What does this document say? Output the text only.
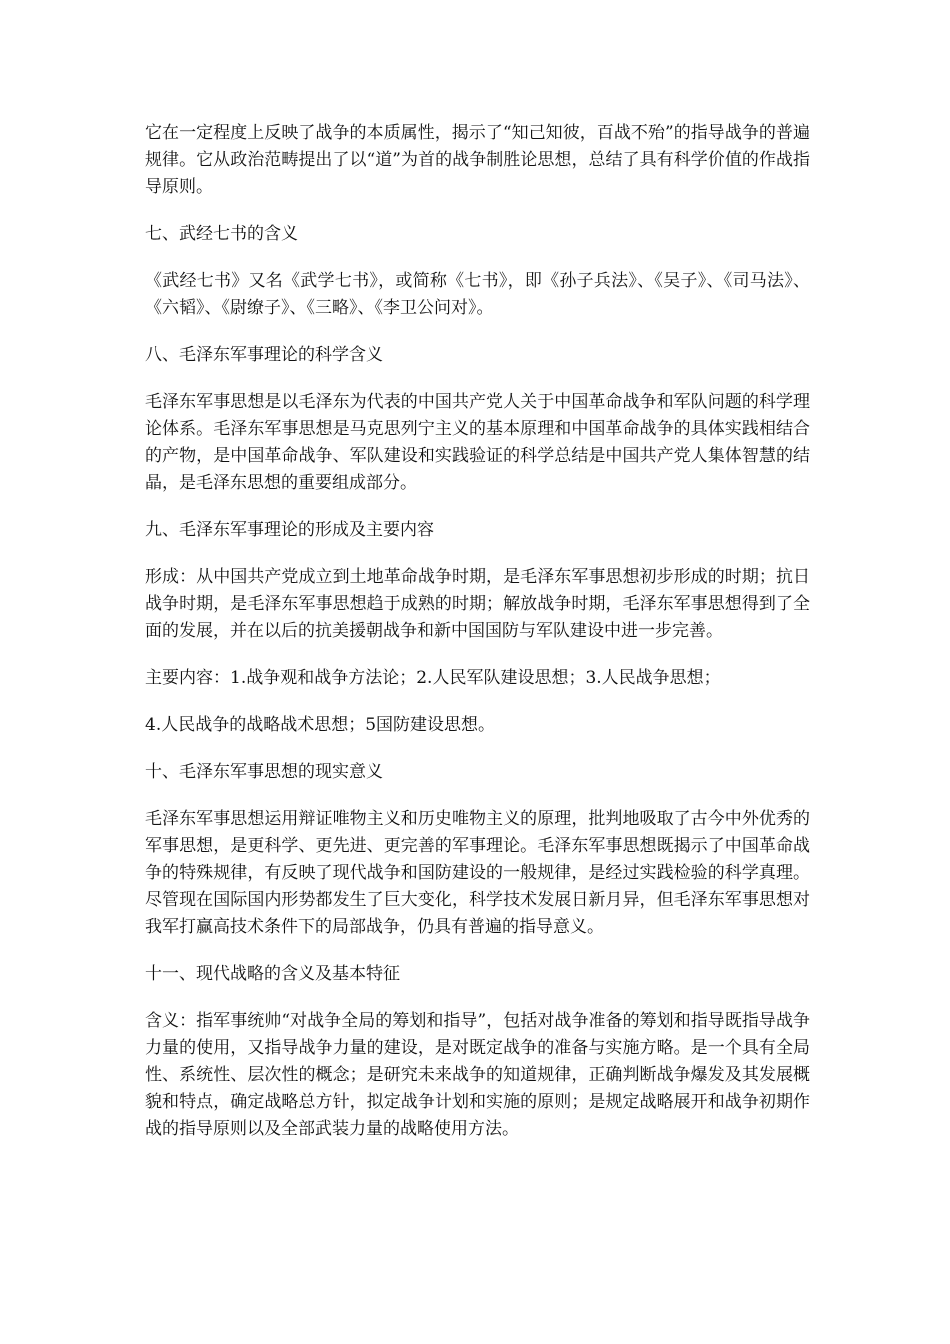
它在一定程度上反映了战争的本质属性，揭示了“知己知彼，百战不殆”的指导战争的普遍规律。它从政治范畴提出了以“道”为首的战争制胜论思想，总结了具有科学价值的作战指导原则。

七、武经七书的含义

《武经七书》又名《武学七书》，或简称《七书》，即《孙子兵法》、《吴子》、《司马法》、《六韬》、《尉缭子》、《三略》、《李卫公问对》。

八、毛泽东军事理论的科学含义

毛泽东军事思想是以毛泽东为代表的中国共产党人关于中国革命战争和军队问题的科学理论体系。毛泽东军事思想是马克思列宁主义的基本原理和中国革命战争的具体实践相结合的产物，是中国革命战争、军队建设和实践验证的科学总结是中国共产党人集体智慧的结晶，是毛泽东思想的重要组成部分。

九、毛泽东军事理论的形成及主要内容

形成：从中国共产党成立到土地革命战争时期，是毛泽东军事思想初步形成的时期；抗日战争时期，是毛泽东军事思想趋于成熟的时期；解放战争时期，毛泽东军事思想得到了全面的发展，并在以后的抗美援朝战争和新中国国防与军队建设中进一步完善。

主要内容：1.战争观和战争方法论；2.人民军队建设思想；3.人民战争思想；

4.人民战争的战略战术思想；5国防建设思想。

十、毛泽东军事思想的现实意义

毛泽东军事思想运用辩证唯物主义和历史唯物主义的原理，批判地吸取了古今中外优秀的军事思想，是更科学、更先进、更完善的军事理论。毛泽东军事思想既揭示了中国革命战争的特殊规律，有反映了现代战争和国防建设的一般规律，是经过实践检验的科学真理。尽管现在国际国内形势都发生了巨大变化，科学技术发展日新月异，但毛泽东军事思想对我军打赢高技术条件下的局部战争，仍具有普遍的指导意义。

十一、现代战略的含义及基本特征

含义：指军事统帅“对战争全局的筹划和指导”，包括对战争准备的筹划和指导既指导战争力量的使用，又指导战争力量的建设，是对既定战争的准备与实施方略。是一个具有全局性、系统性、层次性的概念；是研究未来战争的知道规律，正确判断战争爆发及其发展概貌和特点，确定战略总方针，拟定战争计划和实施的原则；是规定战略展开和战争初期作战的指导原则以及全部武装力量的战略使用方法。
